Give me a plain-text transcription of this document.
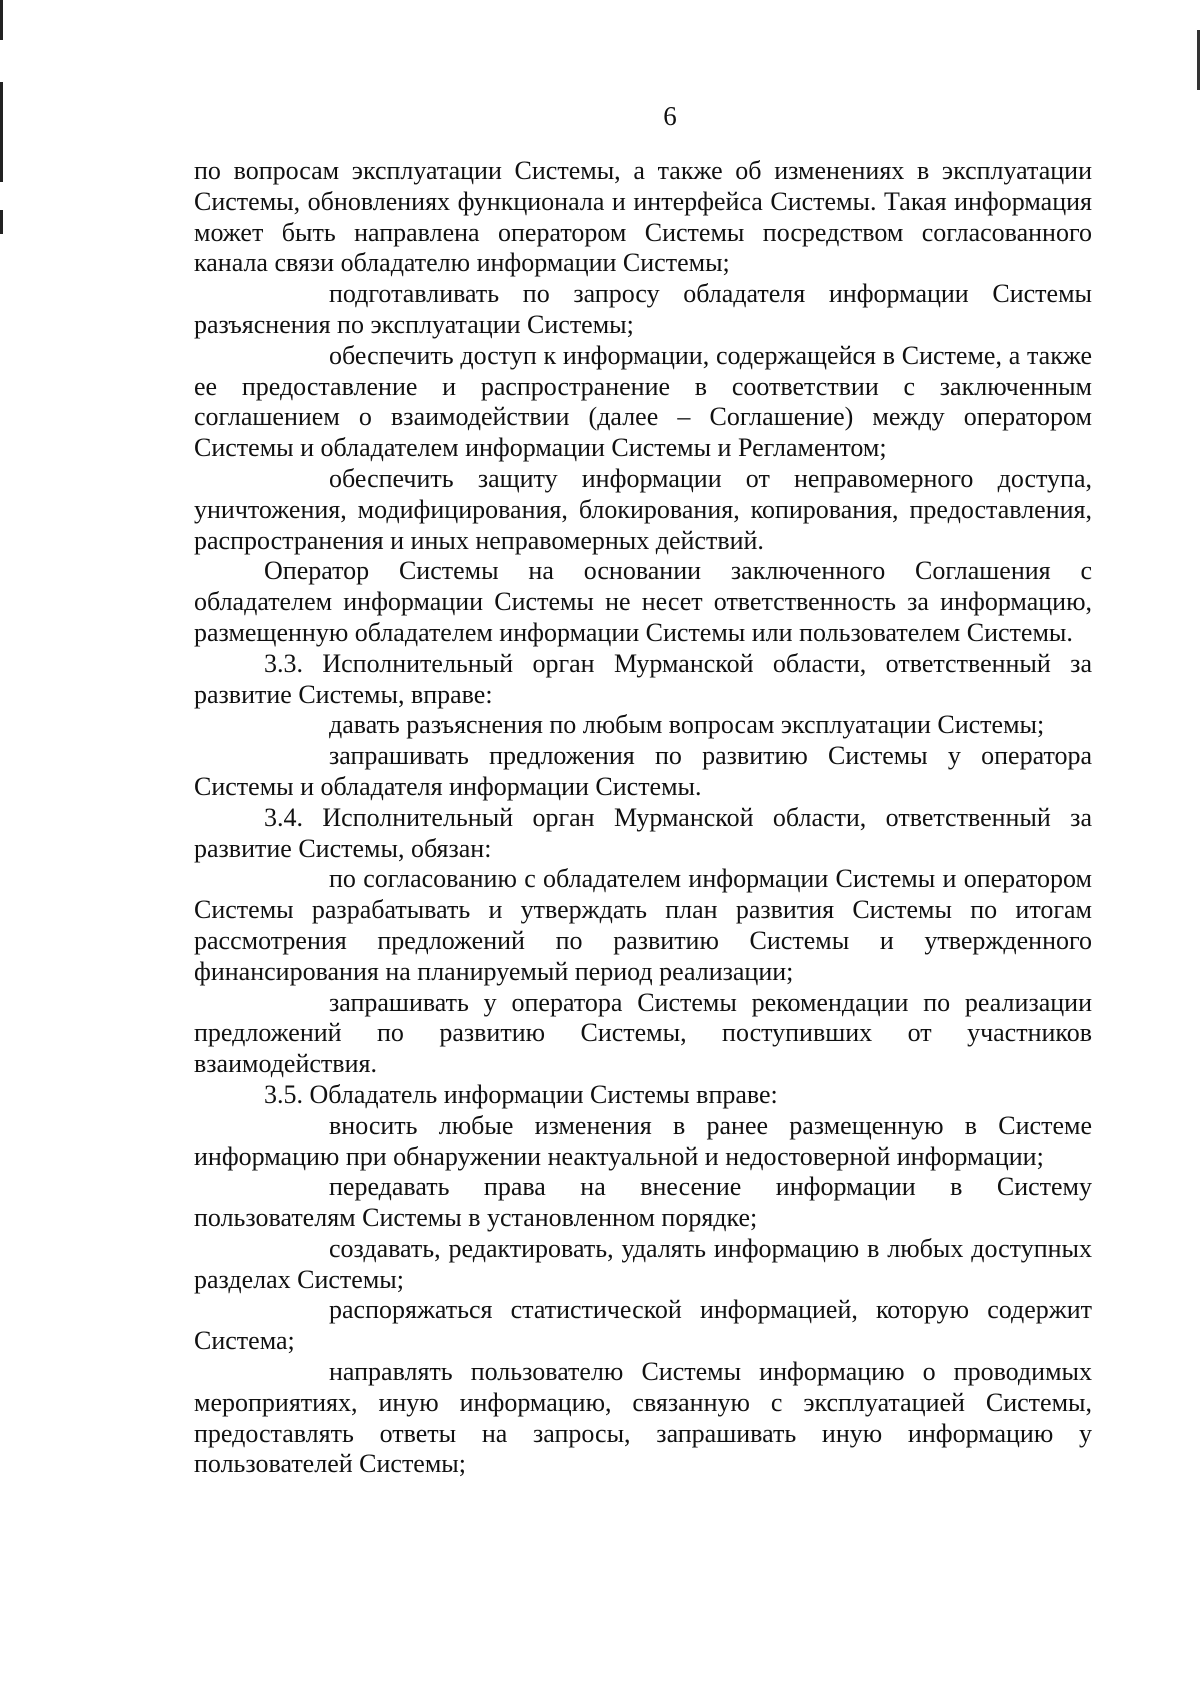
6

по вопросам эксплуатации Системы, а также об изменениях в эксплуатации Системы, обновлениях функционала и интерфейса Системы. Такая информация может быть направлена оператором Системы посредством согласованного канала связи обладателю информации Системы;

подготавливать по запросу обладателя информации Системы разъяснения по эксплуатации Системы;

обеспечить доступ к информации, содержащейся в Системе, а также ее предоставление и распространение в соответствии с заключенным соглашением о взаимодействии (далее – Соглашение) между оператором Системы и обладателем информации Системы и Регламентом;

обеспечить защиту информации от неправомерного доступа, уничтожения, модифицирования, блокирования, копирования, предоставления, распространения и иных неправомерных действий.

Оператор Системы на основании заключенного Соглашения с обладателем информации Системы не несет ответственность за информацию, размещенную обладателем информации Системы или пользователем Системы.

3.3. Исполнительный орган Мурманской области, ответственный за развитие Системы, вправе:

давать разъяснения по любым вопросам эксплуатации Системы;

запрашивать предложения по развитию Системы у оператора Системы и обладателя информации Системы.

3.4. Исполнительный орган Мурманской области, ответственный за развитие Системы, обязан:

по согласованию с обладателем информации Системы и оператором Системы разрабатывать и утверждать план развития Системы по итогам рассмотрения предложений по развитию Системы и утвержденного финансирования на планируемый период реализации;

запрашивать у оператора Системы рекомендации по реализации предложений по развитию Системы, поступивших от участников взаимодействия.

3.5. Обладатель информации Системы вправе:

вносить любые изменения в ранее размещенную в Системе информацию при обнаружении неактуальной и недостоверной информации;

передавать права на внесение информации в Систему пользователям Системы в установленном порядке;

создавать, редактировать, удалять информацию в любых доступных разделах Системы;

распоряжаться статистической информацией, которую содержит Система;

направлять пользователю Системы информацию о проводимых мероприятиях, иную информацию, связанную с эксплуатацией Системы, предоставлять ответы на запросы, запрашивать иную информацию у пользователей Системы;
